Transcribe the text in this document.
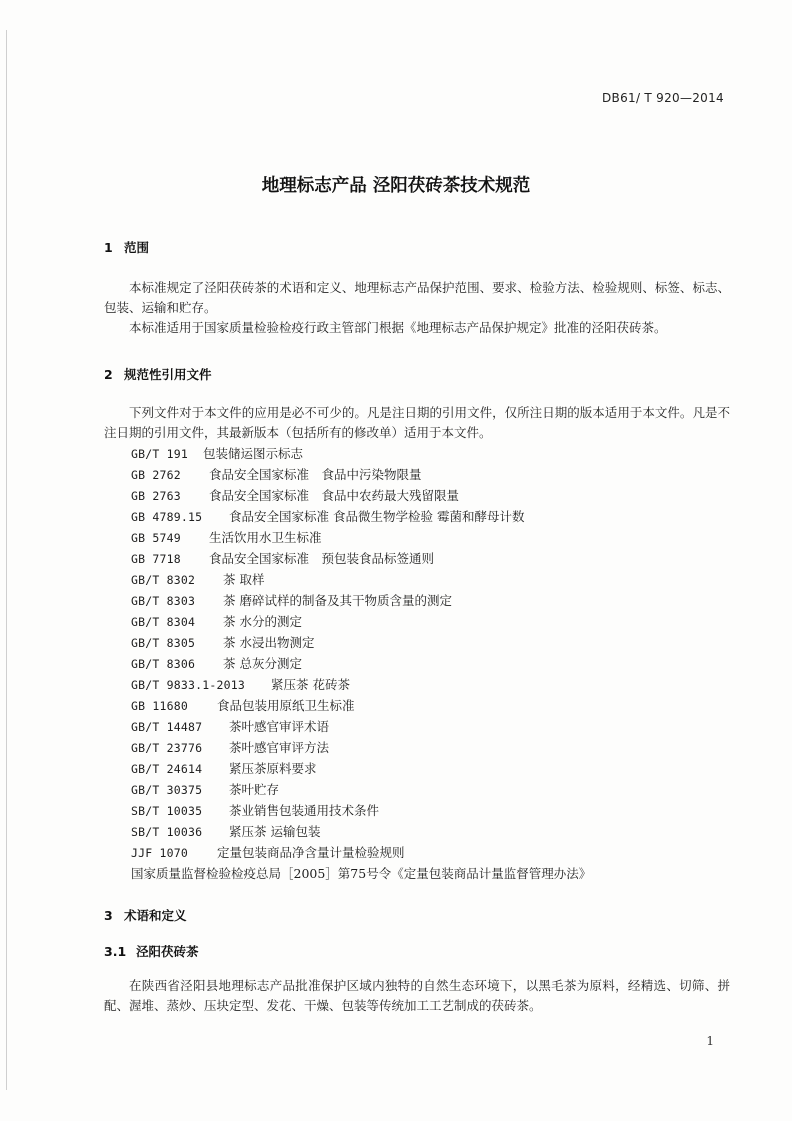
DB61/ T 920—2014
地理标志产品 泾阳茯砖茶技术规范
1 范围
本标准规定了泾阳茯砖茶的术语和定义、地理标志产品保护范围、要求、检验方法、检验规则、标签、标志、包装、运输和贮存。
本标准适用于国家质量检验检疫行政主管部门根据《地理标志产品保护规定》批准的泾阳茯砖茶。
2 规范性引用文件
下列文件对于本文件的应用是必不可少的。凡是注日期的引用文件，仅所注日期的版本适用于本文件。凡是不注日期的引用文件，其最新版本（包括所有的修改单）适用于本文件。
GB/T 191 包装储运图示标志
GB 2762 食品安全国家标准　食品中污染物限量
GB 2763 食品安全国家标准　食品中农药最大残留限量
GB 4789.15 食品安全国家标准 食品微生物学检验 霉菌和酵母计数
GB 5749 生活饮用水卫生标准
GB 7718 食品安全国家标准　预包装食品标签通则
GB/T 8302 茶 取样
GB/T 8303 茶 磨碎试样的制备及其干物质含量的测定
GB/T 8304 茶 水分的测定
GB/T 8305 茶 水浸出物测定
GB/T 8306 茶 总灰分测定
GB/T 9833.1-2013 紧压茶 花砖茶
GB 11680 食品包装用原纸卫生标准
GB/T 14487 茶叶感官审评术语
GB/T 23776 茶叶感官审评方法
GB/T 24614 紧压茶原料要求
GB/T 30375 茶叶贮存
SB/T 10035 茶业销售包装通用技术条件
SB/T 10036 紧压茶 运输包装
JJF 1070 定量包装商品净含量计量检验规则
国家质量监督检验检疫总局［2005］第75号令《定量包装商品计量监督管理办法》
3 术语和定义
3.1 泾阳茯砖茶
在陕西省泾阳县地理标志产品批准保护区域内独特的自然生态环境下，以黑毛茶为原料，经精选、切筛、拼配、渥堆、蒸炒、压块定型、发花、干燥、包装等传统加工工艺制成的茯砖茶。
1
